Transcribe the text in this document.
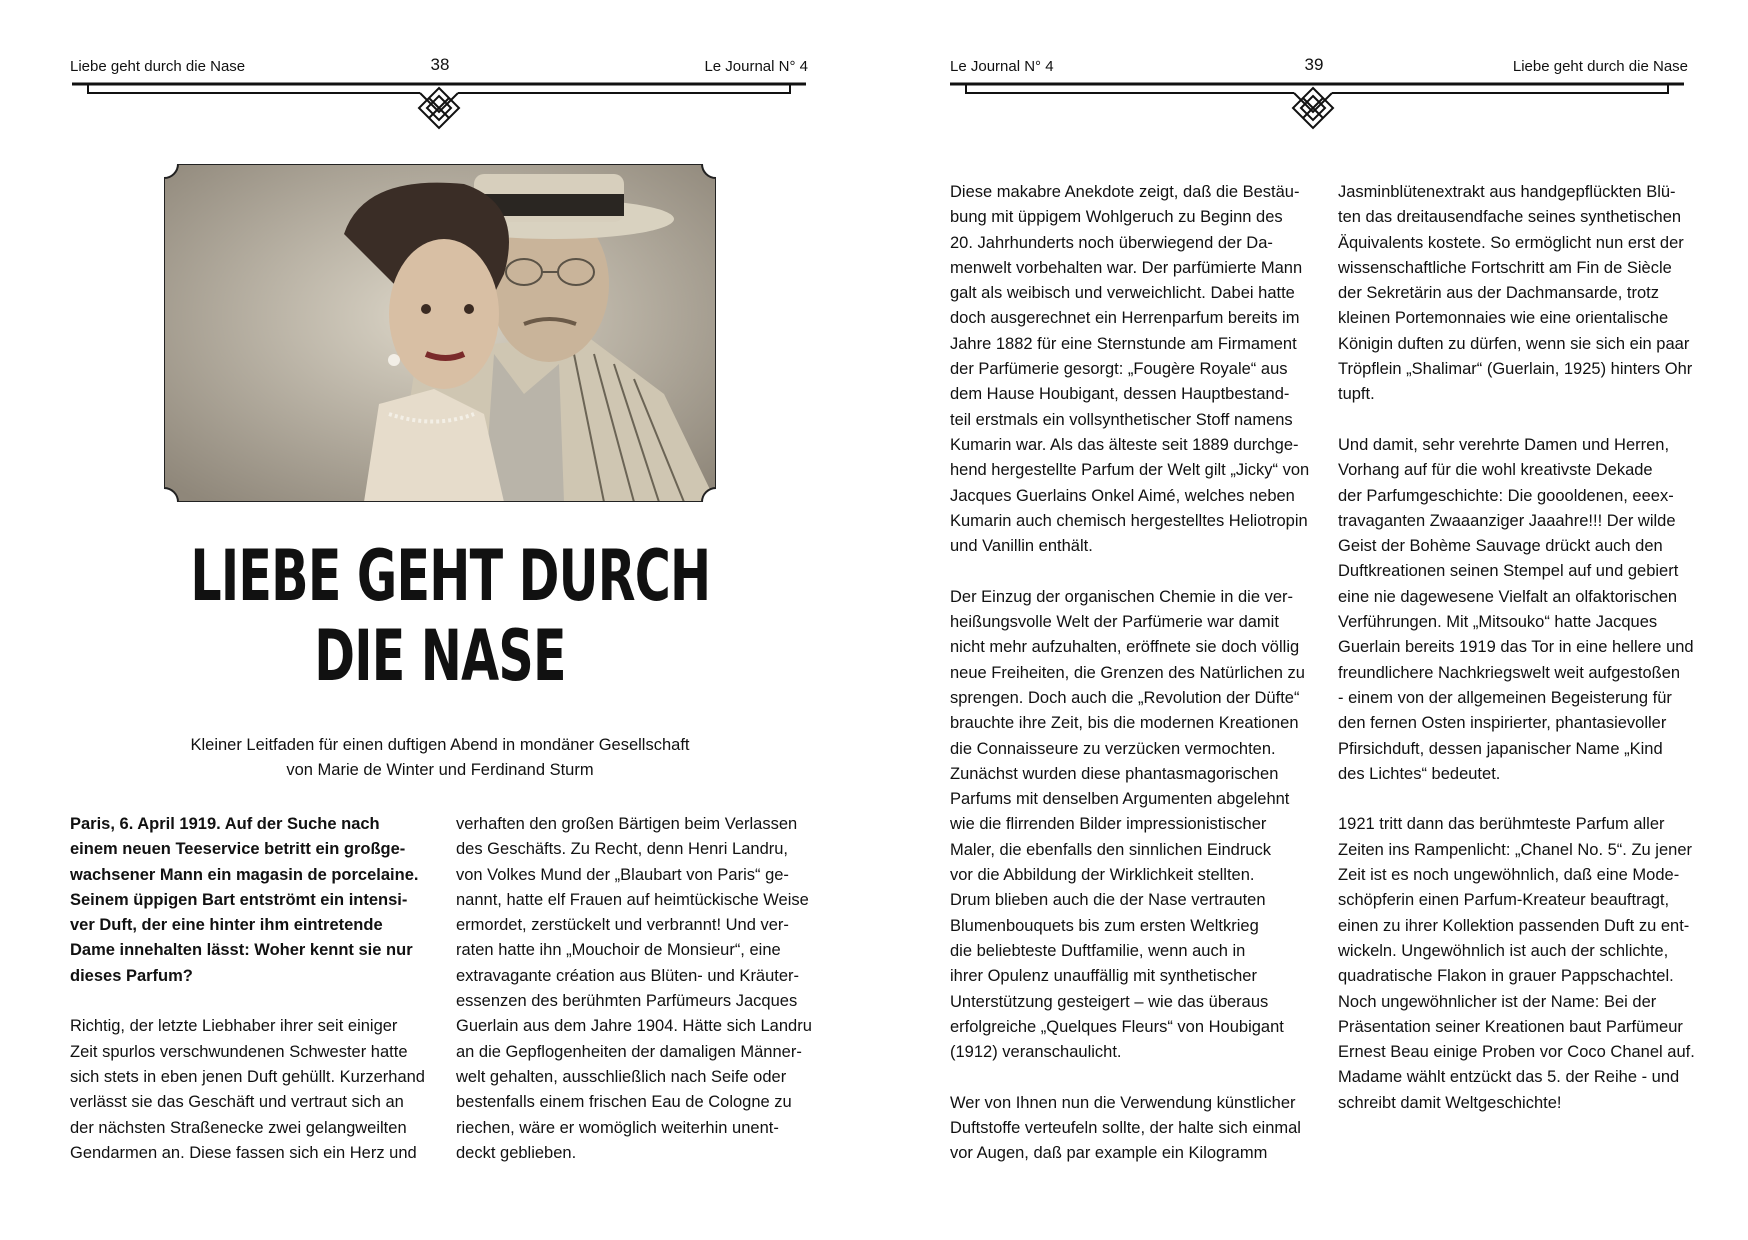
Liebe geht durch die Nase	38	Le Journal N° 4
LIEBE GEHT DURCH
DIE NASE
Kleiner Leitfaden für einen duftigen Abend in mondäner Gesellschaft
von Marie de Winter und Ferdinand Sturm

Paris, 6. April 1919. Auf der Suche nach
einem neuen Teeservice betritt ein großge-
wachsener Mann ein magasin de porcelaine.
Seinem üppigen Bart entströmt ein intensi-
ver Duft, der eine hinter ihm eintretende
Dame innehalten lässt: Woher kennt sie nur
dieses Parfum?

Richtig, der letzte Liebhaber ihrer seit einiger
Zeit spurlos verschwundenen Schwester hatte
sich stets in eben jenen Duft gehüllt. Kurzerhand
verlässt sie das Geschäft und vertraut sich an
der nächsten Straßenecke zwei gelangweilten
Gendarmen an. Diese fassen sich ein Herz und

verhaften den großen Bärtigen beim Verlassen
des Geschäfts. Zu Recht, denn Henri Landru,
von Volkes Mund der „Blaubart von Paris“ ge-
nannt, hatte elf Frauen auf heimtückische Weise
ermordet, zerstückelt und verbrannt! Und ver-
raten hatte ihn „Mouchoir de Monsieur“, eine
extravagante création aus Blüten- und Kräuter-
essenzen des berühmten Parfümeurs Jacques
Guerlain aus dem Jahre 1904. Hätte sich Landru
an die Gepflogenheiten der damaligen Männer-
welt gehalten, ausschließlich nach Seife oder
bestenfalls einem frischen Eau de Cologne zu
riechen, wäre er womöglich weiterhin unent-
deckt geblieben.

Le Journal N° 4	39	Liebe geht durch die Nase

Diese makabre Anekdote zeigt, daß die Bestäu-
bung mit üppigem Wohlgeruch zu Beginn des
20. Jahrhunderts noch überwiegend der Da-
menwelt vorbehalten war. Der parfümierte Mann
galt als weibisch und verweichlicht. Dabei hatte
doch ausgerechnet ein Herrenparfum bereits im
Jahre 1882 für eine Sternstunde am Firmament
der Parfümerie gesorgt: „Fougère Royale“ aus
dem Hause Houbigant, dessen Hauptbestand-
teil erstmals ein vollsynthetischer Stoff namens
Kumarin war. Als das älteste seit 1889 durchge-
hend hergestellte Parfum der Welt gilt „Jicky“ von
Jacques Guerlains Onkel Aimé, welches neben
Kumarin auch chemisch hergestelltes Heliotropin
und Vanillin enthält.

Der Einzug der organischen Chemie in die ver-
heißungsvolle Welt der Parfümerie war damit
nicht mehr aufzuhalten, eröffnete sie doch völlig
neue Freiheiten, die Grenzen des Natürlichen zu
sprengen. Doch auch die „Revolution der Düfte“
brauchte ihre Zeit, bis die modernen Kreationen
die Connaisseure zu verzücken vermochten.
Zunächst wurden diese phantasmagorischen
Parfums mit denselben Argumenten abgelehnt
wie die flirrenden Bilder impressionistischer
Maler, die ebenfalls den sinnlichen Eindruck
vor die Abbildung der Wirklichkeit stellten.
Drum blieben auch die der Nase vertrauten
Blumenbouquets bis zum ersten Weltkrieg
die beliebteste Duftfamilie, wenn auch in
ihrer Opulenz unauffällig mit synthetischer
Unterstützung gesteigert – wie das überaus
erfolgreiche „Quelques Fleurs“ von Houbigant
(1912) veranschaulicht.

Wer von Ihnen nun die Verwendung künstlicher
Duftstoffe verteufeln sollte, der halte sich einmal
vor Augen, daß par example ein Kilogramm

Jasminblütenextrakt aus handgepflückten Blü-
ten das dreitausendfache seines synthetischen
Äquivalents kostete. So ermöglicht nun erst der
wissenschaftliche Fortschritt am Fin de Siècle
der Sekretärin aus der Dachmansarde, trotz
kleinen Portemonnaies wie eine orientalische
Königin duften zu dürfen, wenn sie sich ein paar
Tröpflein „Shalimar“ (Guerlain, 1925) hinters Ohr
tupft.

Und damit, sehr verehrte Damen und Herren,
Vorhang auf für die wohl kreativste Dekade
der Parfumgeschichte: Die goooldenen, eeex-
travaganten Zwaaanziger Jaaahre!!! Der wilde
Geist der Bohème Sauvage drückt auch den
Duftkreationen seinen Stempel auf und gebiert
eine nie dagewesene Vielfalt an olfaktorischen
Verführungen. Mit „Mitsouko“ hatte Jacques
Guerlain bereits 1919 das Tor in eine hellere und
freundlichere Nachkriegswelt weit aufgestoßen
- einem von der allgemeinen Begeisterung für
den fernen Osten inspirierter, phantasievoller
Pfirsichduft, dessen japanischer Name „Kind
des Lichtes“ bedeutet.

1921 tritt dann das berühmteste Parfum aller
Zeiten ins Rampenlicht: „Chanel No. 5“. Zu jener
Zeit ist es noch ungewöhnlich, daß eine Mode-
schöpferin einen Parfum-Kreateur beauftragt,
einen zu ihrer Kollektion passenden Duft zu ent-
wickeln. Ungewöhnlich ist auch der schlichte,
quadratische Flakon in grauer Pappschachtel.
Noch ungewöhnlicher ist der Name: Bei der
Präsentation seiner Kreationen baut Parfümeur
Ernest Beau einige Proben vor Coco Chanel auf.
Madame wählt entzückt das 5. der Reihe - und
schreibt damit Weltgeschichte!
